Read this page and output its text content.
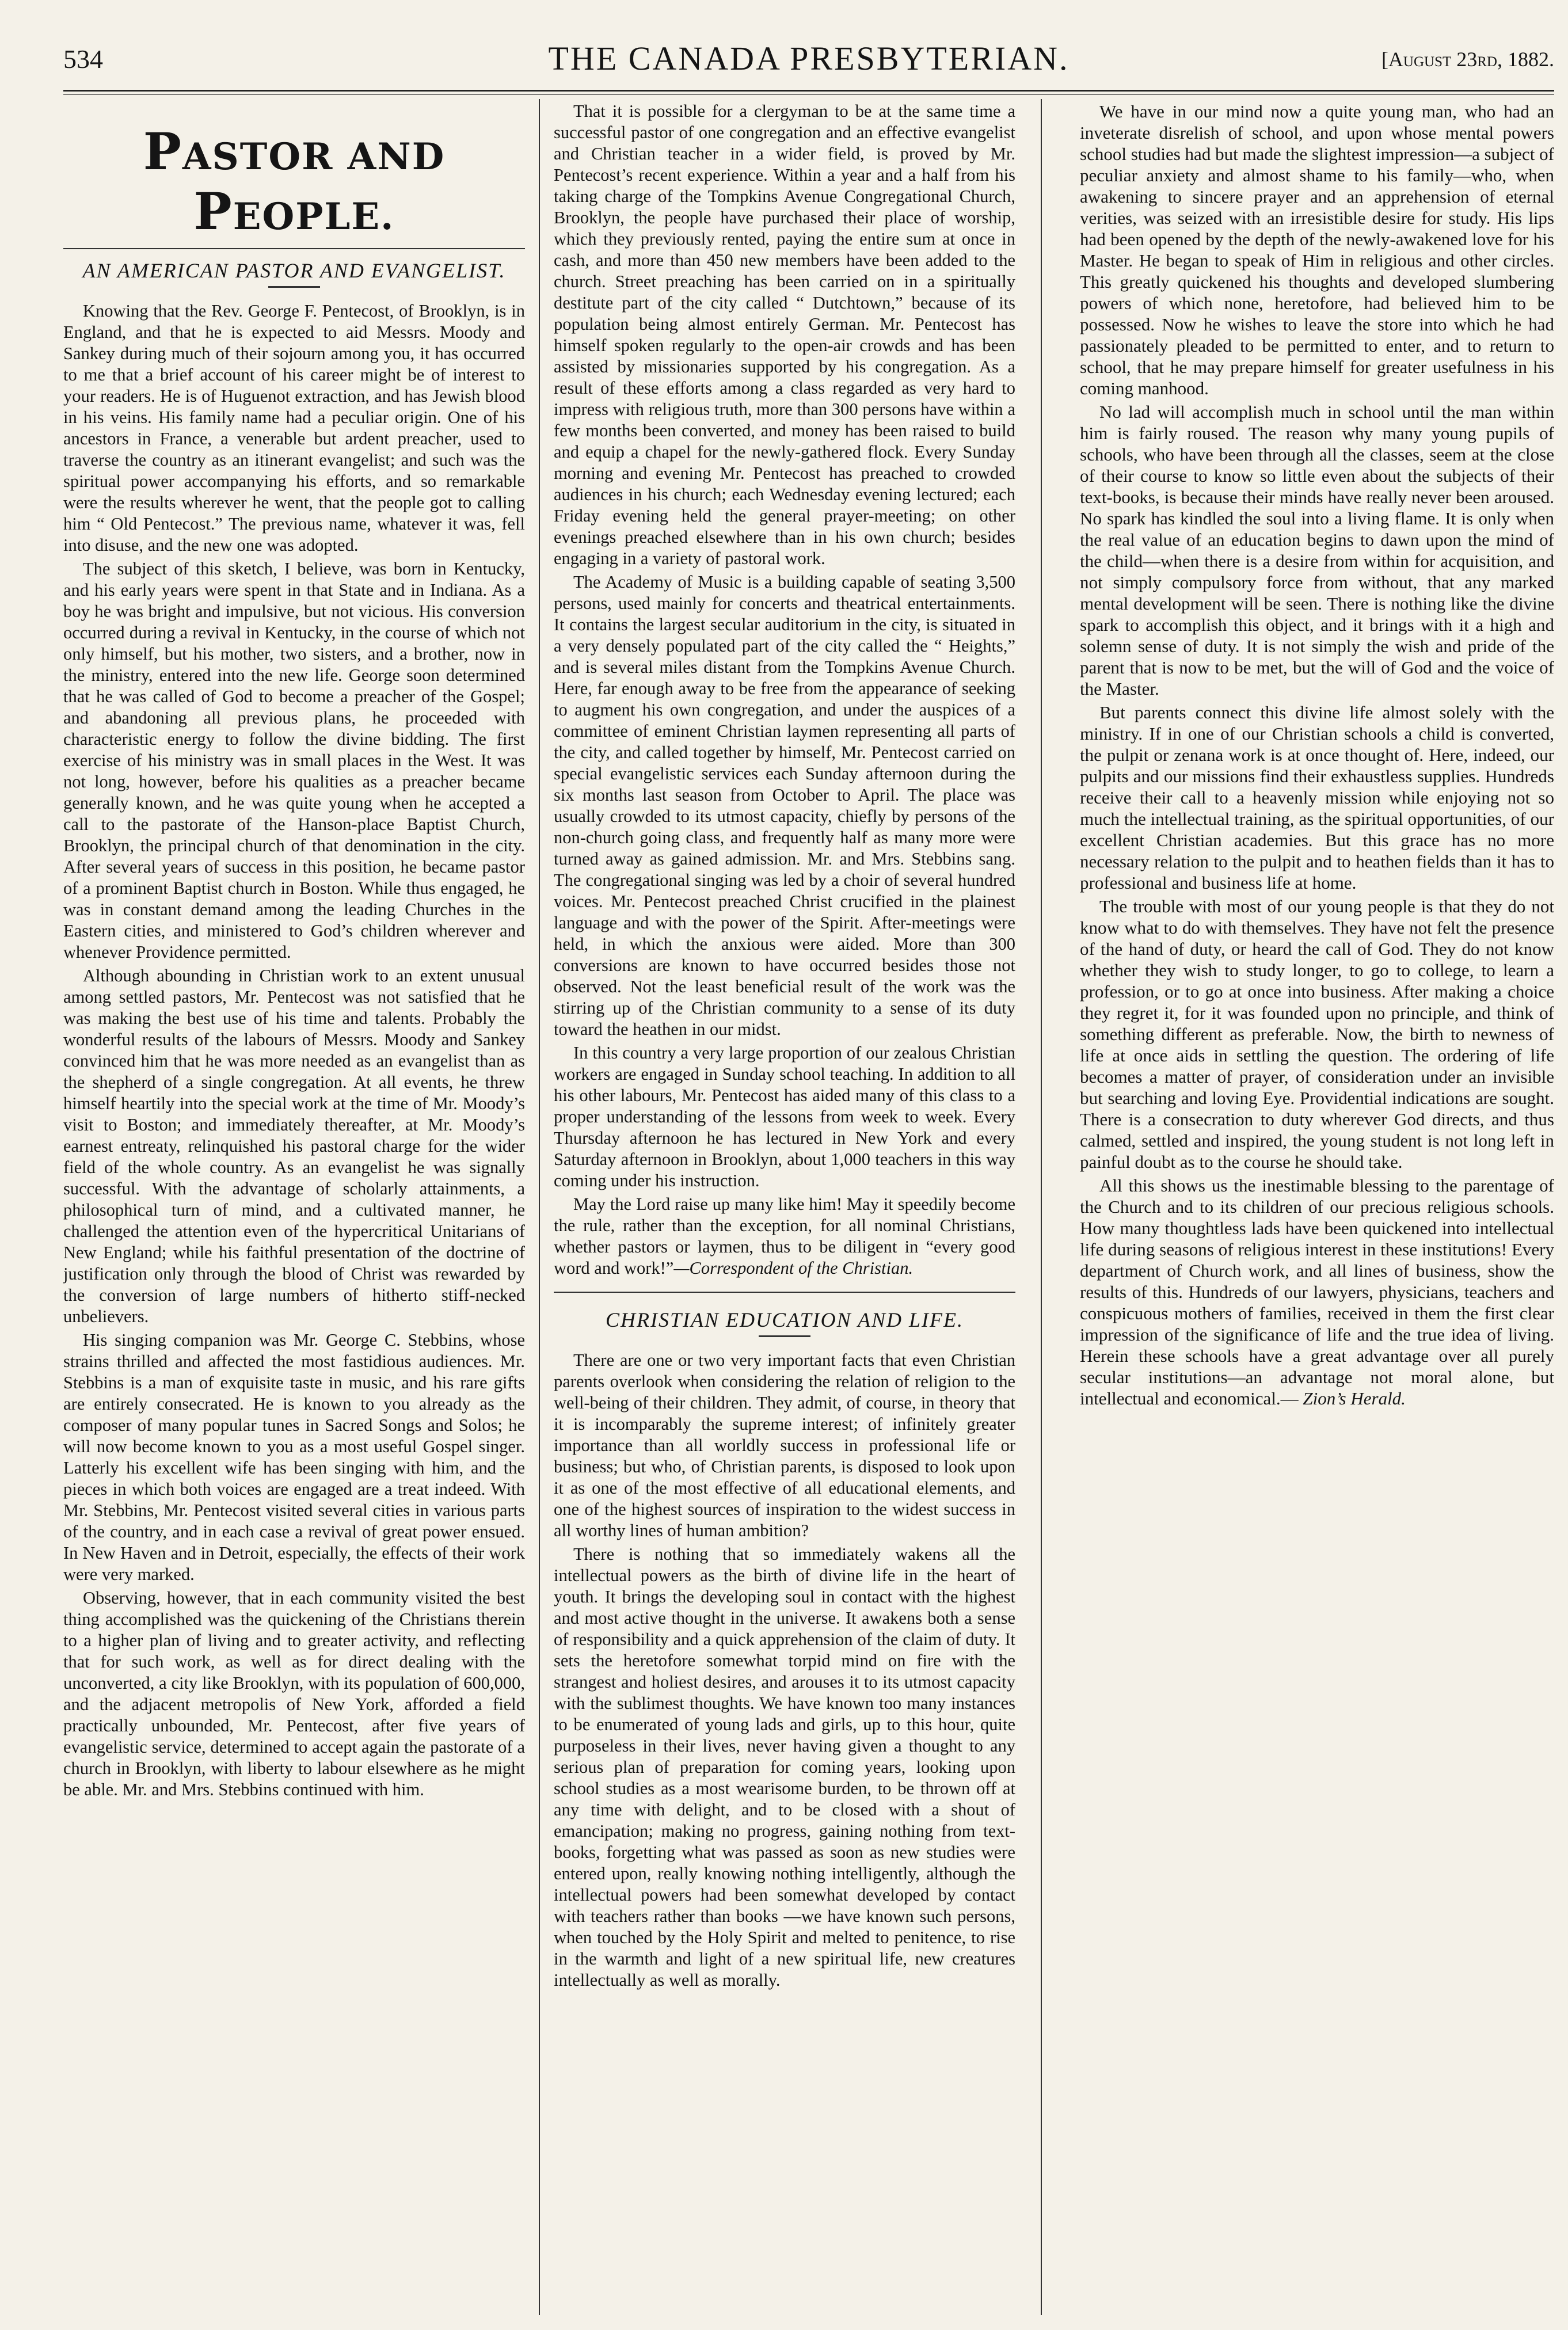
534	THE CANADA PRESBYTERIAN.	[August 23rd, 1882.
PASTOR AND PEOPLE.
AN AMERICAN PASTOR AND EVANGELIST.

Knowing that the Rev. George F. Pentecost, of Brooklyn, is in England, and that he is expected to aid Messrs. Moody and Sankey during much of their sojourn among you, it has occurred to me that a brief account of his career might be of interest to your readers. He is of Huguenot extraction, and has Jewish blood in his veins. His family name had a peculiar origin. One of his ancestors in France, a venerable but ardent preacher, used to traverse the country as an itinerant evangelist; and such was the spiritual power accompanying his efforts, and so remarkable were the results wherever he went, that the people got to calling him “ Old Pentecost.” The previous name, whatever it was, fell into disuse, and the new one was adopted.

The subject of this sketch, I believe, was born in Kentucky, and his early years were spent in that State and in Indiana. As a boy he was bright and impulsive, but not vicious. His conversion occurred during a revival in Kentucky, in the course of which not only himself, but his mother, two sisters, and a brother, now in the ministry, entered into the new life. George soon determined that he was called of God to become a preacher of the Gospel; and abandoning all previous plans, he proceeded with characteristic energy to follow the divine bidding. The first exercise of his ministry was in small places in the West. It was not long, however, before his qualities as a preacher became generally known, and he was quite young when he accepted a call to the pastorate of the Hanson-place Baptist Church, Brooklyn, the principal church of that denomination in the city. After several years of success in this position, he became pastor of a prominent Baptist church in Boston. While thus engaged, he was in constant demand among the leading Churches in the Eastern cities, and ministered to God’s children wherever and whenever Providence permitted.

Although abounding in Christian work to an extent unusual among settled pastors, Mr. Pentecost was not satisfied that he was making the best use of his time and talents. Probably the wonderful results of the labours of Messrs. Moody and Sankey convinced him that he was more needed as an evangelist than as the shepherd of a single congregation. At all events, he threw himself heartily into the special work at the time of Mr. Moody’s visit to Boston; and immediately thereafter, at Mr. Moody’s earnest entreaty, relinquished his pastoral charge for the wider field of the whole country. As an evangelist he was signally successful. With the advantage of scholarly attainments, a philosophical turn of mind, and a cultivated manner, he challenged the attention even of the hypercritical Unitarians of New England; while his faithful presentation of the doctrine of justification only through the blood of Christ was rewarded by the conversion of large numbers of hitherto stiff-necked unbelievers.

His singing companion was Mr. George C. Stebbins, whose strains thrilled and affected the most fastidious audiences. Mr. Stebbins is a man of exquisite taste in music, and his rare gifts are entirely consecrated. He is known to you already as the composer of many popular tunes in Sacred Songs and Solos; he will now become known to you as a most useful Gospel singer. Latterly his excellent wife has been singing with him, and the pieces in which both voices are engaged are a treat indeed. With Mr. Stebbins, Mr. Pentecost visited several cities in various parts of the country, and in each case a revival of great power ensued. In New Haven and in Detroit, especially, the effects of their work were very marked.

Observing, however, that in each community visited the best thing accomplished was the quickening of the Christians therein to a higher plan of living and to greater activity, and reflecting that for such work, as well as for direct dealing with the unconverted, a city like Brooklyn, with its population of 600,000, and the adjacent metropolis of New York, afforded a field practically unbounded, Mr. Pentecost, after five years of evangelistic service, determined to accept again the pastorate of a church in Brooklyn, with liberty to labour elsewhere as he might be able. Mr. and Mrs. Stebbins continued with him.

That it is possible for a clergyman to be at the same time a successful pastor of one congregation and an effective evangelist and Christian teacher in a wider field, is proved by Mr. Pentecost’s recent experience. Within a year and a half from his taking charge of the Tompkins Avenue Congregational Church, Brooklyn, the people have purchased their place of worship, which they previously rented, paying the entire sum at once in cash, and more than 450 new members have been added to the church. Street preaching has been carried on in a spiritually destitute part of the city called “ Dutchtown,” because of its population being almost entirely German. Mr. Pentecost has himself spoken regularly to the open-air crowds and has been assisted by missionaries supported by his congregation. As a result of these efforts among a class regarded as very hard to impress with religious truth, more than 300 persons have within a few months been converted, and money has been raised to build and equip a chapel for the newly-gathered flock. Every Sunday morning and evening Mr. Pentecost has preached to crowded audiences in his church; each Wednesday evening lectured; each Friday evening held the general prayer-meeting; on other evenings preached elsewhere than in his own church; besides engaging in a variety of pastoral work.

The Academy of Music is a building capable of seating 3,500 persons, used mainly for concerts and theatrical entertainments. It contains the largest secular auditorium in the city, is situated in a very densely populated part of the city called the “ Heights,” and is several miles distant from the Tompkins Avenue Church. Here, far enough away to be free from the appearance of seeking to augment his own congregation, and under the auspices of a committee of eminent Christian laymen representing all parts of the city, and called together by himself, Mr. Pentecost carried on special evangelistic services each Sunday afternoon during the six months last season from October to April. The place was usually crowded to its utmost capacity, chiefly by persons of the non-church going class, and frequently half as many more were turned away as gained admission. Mr. and Mrs. Stebbins sang. The congregational singing was led by a choir of several hundred voices. Mr. Pentecost preached Christ crucified in the plainest language and with the power of the Spirit. After-meetings were held, in which the anxious were aided. More than 300 conversions are known to have occurred besides those not observed. Not the least beneficial result of the work was the stirring up of the Christian community to a sense of its duty toward the heathen in our midst.

In this country a very large proportion of our zealous Christian workers are engaged in Sunday school teaching. In addition to all his other labours, Mr. Pentecost has aided many of this class to a proper understanding of the lessons from week to week. Every Thursday afternoon he has lectured in New York and every Saturday afternoon in Brooklyn, about 1,000 teachers in this way coming under his instruction.

May the Lord raise up many like him! May it speedily become the rule, rather than the exception, for all nominal Christians, whether pastors or laymen, thus to be diligent in “every good word and work!”—Correspondent of the Christian.

CHRISTIAN EDUCATION AND LIFE.

There are one or two very important facts that even Christian parents overlook when considering the relation of religion to the well-being of their children. They admit, of course, in theory that it is incomparably the supreme interest; of infinitely greater importance than all worldly success in professional life or business; but who, of Christian parents, is disposed to look upon it as one of the most effective of all educational elements, and one of the highest sources of inspiration to the widest success in all worthy lines of human ambition?

There is nothing that so immediately wakens all the intellectual powers as the birth of divine life in the heart of youth. It brings the developing soul in contact with the highest and most active thought in the universe. It awakens both a sense of responsibility and a quick apprehension of the claim of duty. It sets the heretofore somewhat torpid mind on fire with the strangest and holiest desires, and arouses it to its utmost capacity with the sublimest thoughts. We have known too many instances to be enumerated of young lads and girls, up to this hour, quite purposeless in their lives, never having given a thought to any serious plan of preparation for coming years, looking upon school studies as a most wearisome burden, to be thrown off at any time with delight, and to be closed with a shout of emancipation; making no progress, gaining nothing from text-books, forgetting what was passed as soon as new studies were entered upon, really knowing nothing intelligently, although the intellectual powers had been somewhat developed by contact with teachers rather than books —we have known such persons, when touched by the Holy Spirit and melted to penitence, to rise in the warmth and light of a new spiritual life, new creatures intellectually as well as morally.

We have in our mind now a quite young man, who had an inveterate disrelish of school, and upon whose mental powers school studies had but made the slightest impression—a subject of peculiar anxiety and almost shame to his family—who, when awakening to sincere prayer and an apprehension of eternal verities, was seized with an irresistible desire for study. His lips had been opened by the depth of the newly-awakened love for his Master. He began to speak of Him in religious and other circles. This greatly quickened his thoughts and developed slumbering powers of which none, heretofore, had believed him to be possessed. Now he wishes to leave the store into which he had passionately pleaded to be permitted to enter, and to return to school, that he may prepare himself for greater usefulness in his coming manhood.

No lad will accomplish much in school until the man within him is fairly roused. The reason why many young pupils of schools, who have been through all the classes, seem at the close of their course to know so little even about the subjects of their text-books, is because their minds have really never been aroused. No spark has kindled the soul into a living flame. It is only when the real value of an education begins to dawn upon the mind of the child—when there is a desire from within for acquisition, and not simply compulsory force from without, that any marked mental development will be seen. There is nothing like the divine spark to accomplish this object, and it brings with it a high and solemn sense of duty. It is not simply the wish and pride of the parent that is now to be met, but the will of God and the voice of the Master.

But parents connect this divine life almost solely with the ministry. If in one of our Christian schools a child is converted, the pulpit or zenana work is at once thought of. Here, indeed, our pulpits and our missions find their exhaustless supplies. Hundreds receive their call to a heavenly mission while enjoying not so much the intellectual training, as the spiritual opportunities, of our excellent Christian academies. But this grace has no more necessary relation to the pulpit and to heathen fields than it has to professional and business life at home.

The trouble with most of our young people is that they do not know what to do with themselves. They have not felt the presence of the hand of duty, or heard the call of God. They do not know whether they wish to study longer, to go to college, to learn a profession, or to go at once into business. After making a choice they regret it, for it was founded upon no principle, and think of something different as preferable. Now, the birth to newness of life at once aids in settling the question. The ordering of life becomes a matter of prayer, of consideration under an invisible but searching and loving Eye. Providential indications are sought. There is a consecration to duty wherever God directs, and thus calmed, settled and inspired, the young student is not long left in painful doubt as to the course he should take.

All this shows us the inestimable blessing to the parentage of the Church and to its children of our precious religious schools. How many thoughtless lads have been quickened into intellectual life during seasons of religious interest in these institutions! Every department of Church work, and all lines of business, show the results of this. Hundreds of our lawyers, physicians, teachers and conspicuous mothers of families, received in them the first clear impression of the significance of life and the true idea of living. Herein these schools have a great advantage over all purely secular institutions—an advantage not moral alone, but intellectual and economical.— Zion’s Herald.
